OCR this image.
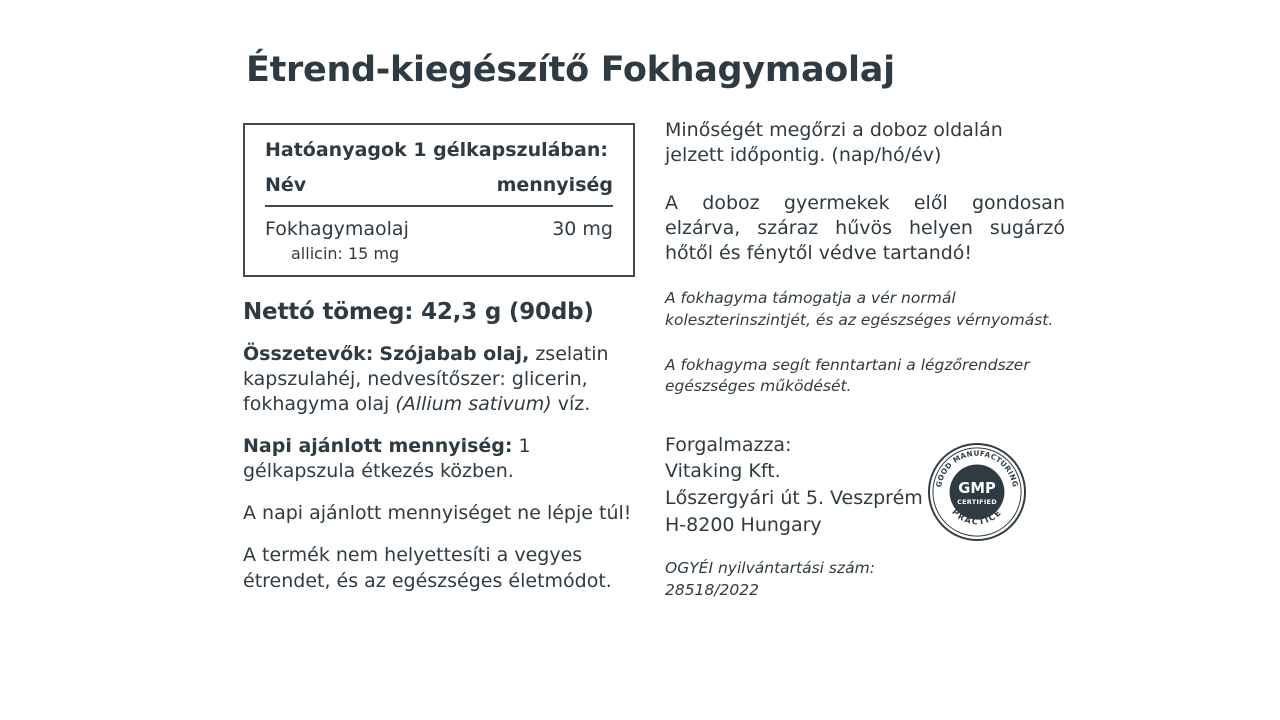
Étrend-kiegészítő Fokhagymaolaj
Hatóanyagok 1 gélkapszulában:
Név	mennyiség
Fokhagymaolaj	30 mg
allicin: 15 mg
Nettó tömeg: 42,3 g (90db)
Összetevők: Szójabab olaj, zselatin kapszulahéj, nedvesítőszer: glicerin, fokhagyma olaj (Allium sativum) víz.
Napi ajánlott mennyiség: 1 gélkapszula étkezés közben.
A napi ajánlott mennyiséget ne lépje túl!
A termék nem helyettesíti a vegyes étrendet, és az egészséges életmódot.
Minőségét megőrzi a doboz oldalán jelzett időpontig. (nap/hó/év)
A doboz gyermekek elől gondosan elzárva, száraz hűvös helyen sugárzó hőtől és fénytől védve tartandó!
A fokhagyma támogatja a vér normál koleszterinszintjét, és az egészséges vérnyomást.
A fokhagyma segít fenntartani a légzőrendszer egészséges működését.
Forgalmazza:
Vitaking Kft.
Lőszergyári út 5. Veszprém
H-8200 Hungary
OGYÉI nyilvántartási szám:
28518/2022
GOOD MANUFACTURING
PRACTICE
GMP
CERTIFIED
